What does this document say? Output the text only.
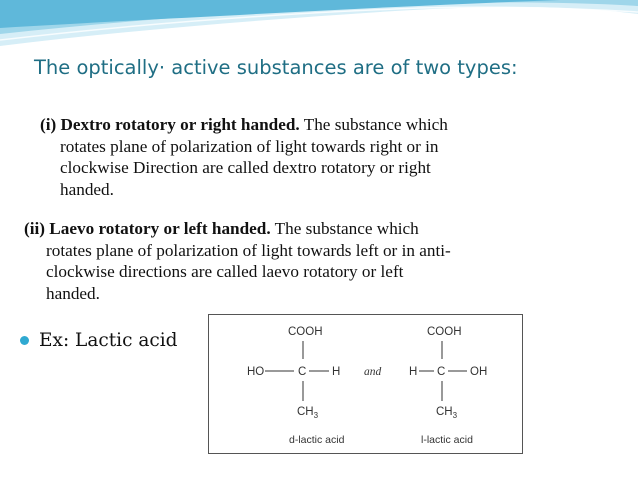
The optically· active substances are of two types:
(i) Dextro rotatory or right handed. The substance which
rotates plane of polarization of light towards right or in
clockwise Direction are called dextro rotatory or right
handed.
(ii) Laevo rotatory or left handed. The substance which
rotates plane of polarization of light towards left or in anti-
clockwise directions are called laevo rotatory or left
handed.
Ex: Lactic acid	COOH
HO	C H
$CH_3$
d-lactic acid
and
COOH
H C OH
$CH_3$
l-lactic acid
